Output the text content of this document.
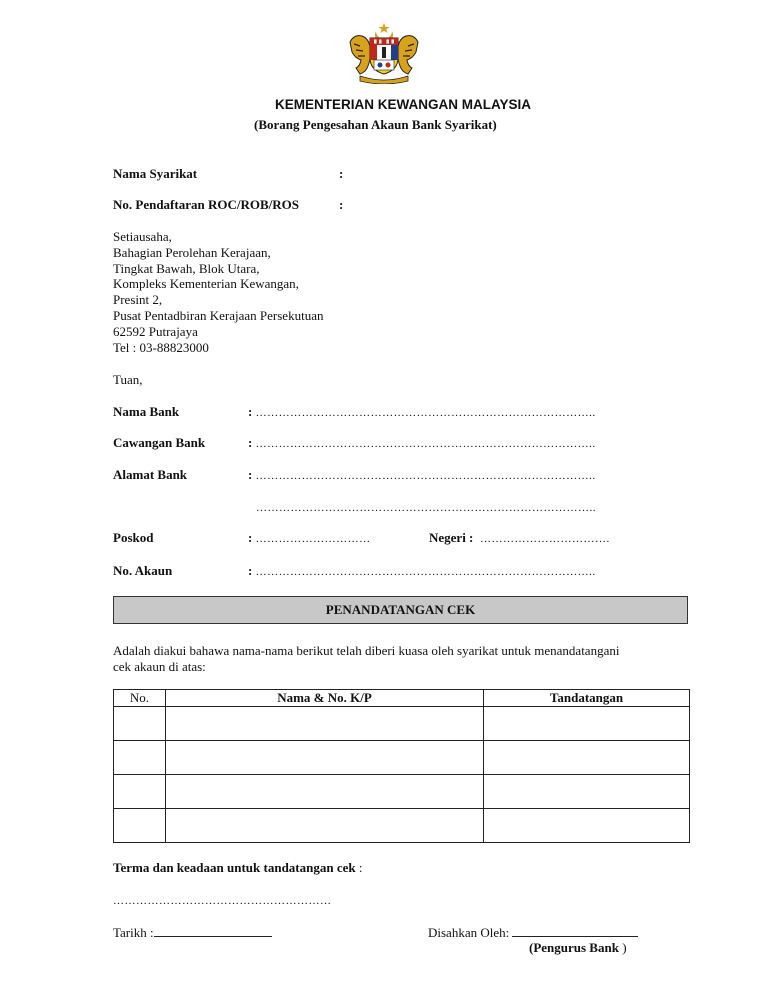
KEMENTERIAN KEWANGAN MALAYSIA
(Borang Pengesahan Akaun Bank Syarikat)
Nama Syarikat	:
No. Pendaftaran ROC/ROB/ROS	:
Setiausaha,
Bahagian Perolehan Kerajaan,
Tingkat Bawah, Blok Utara,
Kompleks Kementerian Kewangan,
Presint 2,
Pusat Pentadbiran Kerajaan Persekutuan
62592 Putrajaya
Tel : 03-88823000
Tuan,
Nama Bank	: ……………………………………………………………………………..
Cawangan Bank	: ……………………………………………………………………………..
Alamat Bank	: ……………………………………………………………………………..
……………………………………………………………………………..
Poskod	: …………………………	Negeri : …………………………….
No. Akaun	: ……………………………………………………………………………..
PENANDATANGAN CEK
Adalah diakui bahawa nama-nama berikut telah diberi kuasa oleh syarikat untuk menandatangani
cek akaun di atas:
No.	Nama & No. K/P	Tandatangan

Terma dan keadaan untuk tandatangan cek :
…………………………………………………
Tarikh :	Disahkan Oleh:
(Pengurus Bank )
